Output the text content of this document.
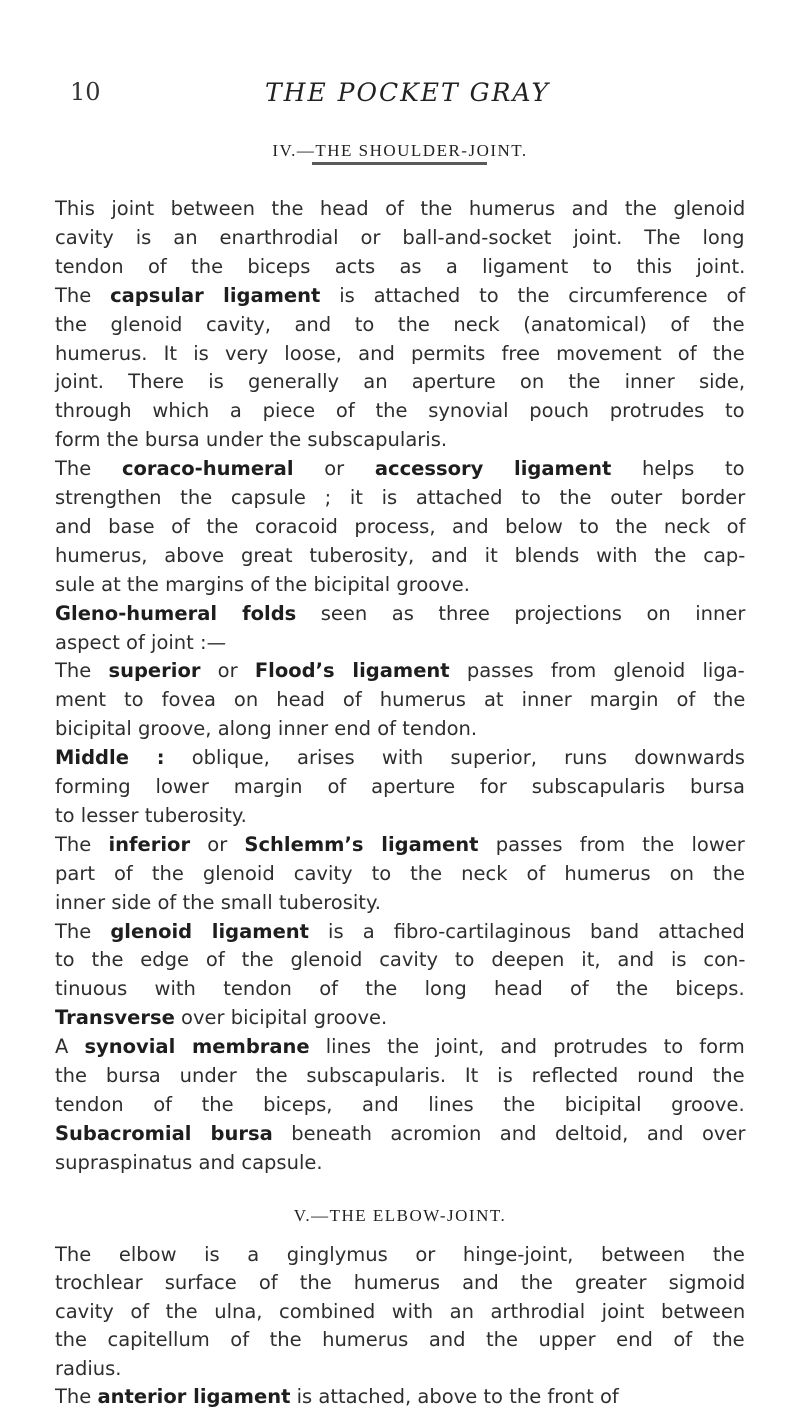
10	THE POCKET GRAY
IV.—THE SHOULDER-JOINT.
This joint between the head of the humerus and the glenoid
cavity is an enarthrodial or ball-and-socket joint. The long
tendon of the biceps acts as a ligament to this joint.
The capsular ligament is attached to the circumference of
the glenoid cavity, and to the neck (anatomical) of the
humerus. It is very loose, and permits free movement of the
joint. There is generally an aperture on the inner side,
through which a piece of the synovial pouch protrudes to
form the bursa under the subscapularis.
The coraco-humeral or accessory ligament helps to
strengthen the capsule ; it is attached to the outer border
and base of the coracoid process, and below to the neck of
humerus, above great tuberosity, and it blends with the cap-
sule at the margins of the bicipital groove.
Gleno-humeral folds seen as three projections on inner
aspect of joint :—
The superior or Flood’s ligament passes from glenoid liga-
ment to fovea on head of humerus at inner margin of the
bicipital groove, along inner end of tendon.
Middle : oblique, arises with superior, runs downwards
forming lower margin of aperture for subscapularis bursa
to lesser tuberosity.
The inferior or Schlemm’s ligament passes from the lower
part of the glenoid cavity to the neck of humerus on the
inner side of the small tuberosity.
The glenoid ligament is a fibro-cartilaginous band attached
to the edge of the glenoid cavity to deepen it, and is con-
tinuous with tendon of the long head of the biceps.
Transverse over bicipital groove.
A synovial membrane lines the joint, and protrudes to form
the bursa under the subscapularis. It is reflected round the
tendon of the biceps, and lines the bicipital groove.
Subacromial bursa beneath acromion and deltoid, and over
supraspinatus and capsule.
V.—THE ELBOW-JOINT.
The elbow is a ginglymus or hinge-joint, between the
trochlear surface of the humerus and the greater sigmoid
cavity of the ulna, combined with an arthrodial joint between
the capitellum of the humerus and the upper end of the
radius.
The anterior ligament is attached, above to the front of
